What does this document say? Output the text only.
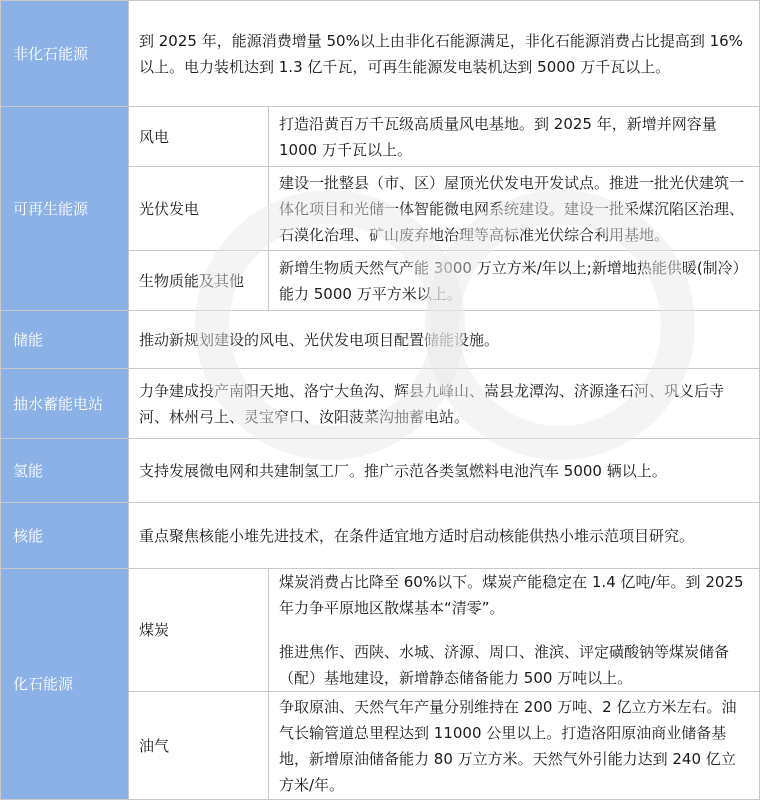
非化石能源	到 2025 年，能源消费增量 50%以上由非化石能源满足，非化石能源消费占比提高到 16%以上。电力装机达到 1.3 亿千瓦，可再生能源发电装机达到 5000 万千瓦以上。	
可再生能源	风电	打造沿黄百万千瓦级高质量风电基地。到 2025 年，新增并网容量 1000 万千瓦以上。
	光伏发电	建设一批整县（市、区）屋顶光伏发电开发试点。推进一批光伏建筑一体化项目和光储一体智能微电网系统建设。建设一批采煤沉陷区治理、石漠化治理、矿山废弃地治理等高标准光伏综合利用基地。
	生物质能及其他	新增生物质天然气产能 3000 万立方米/年以上;新增地热能供暖(制冷）能力 5000 万平方米以上。
储能	推动新规划建设的风电、光伏发电项目配置储能设施。	
抽水蓄能电站	力争建成投产南阳天地、洛宁大鱼沟、辉县九峰山、嵩县龙潭沟、济源逢石河、巩义后寺河、林州弓上、灵宝窄口、汝阳菠菜沟抽蓄电站。	
氢能	支持发展微电网和共建制氢工厂。推广示范各类氢燃料电池汽车 5000 辆以上。	
核能	重点聚焦核能小堆先进技术，在条件适宜地方适时启动核能供热小堆示范项目研究。	
化石能源	煤炭	煤炭消费占比降至 60%以下。煤炭产能稳定在 1.4 亿吨/年。到 2025 年力争平原地区散煤基本“清零”。
推进焦作、西陕、水城、济源、周口、淮滨、评定磺酸钠等煤炭储备（配）基地建设，新增静态储备能力 500 万吨以上。

	油气	争取原油、天然气年产量分别维持在 200 万吨、2 亿立方米左右。油气长输管道总里程达到 11000 公里以上。打造洛阳原油商业储备基地，新增原油储备能力 80 万立方米。天然气外引能力达到 240 亿立方米/年。
